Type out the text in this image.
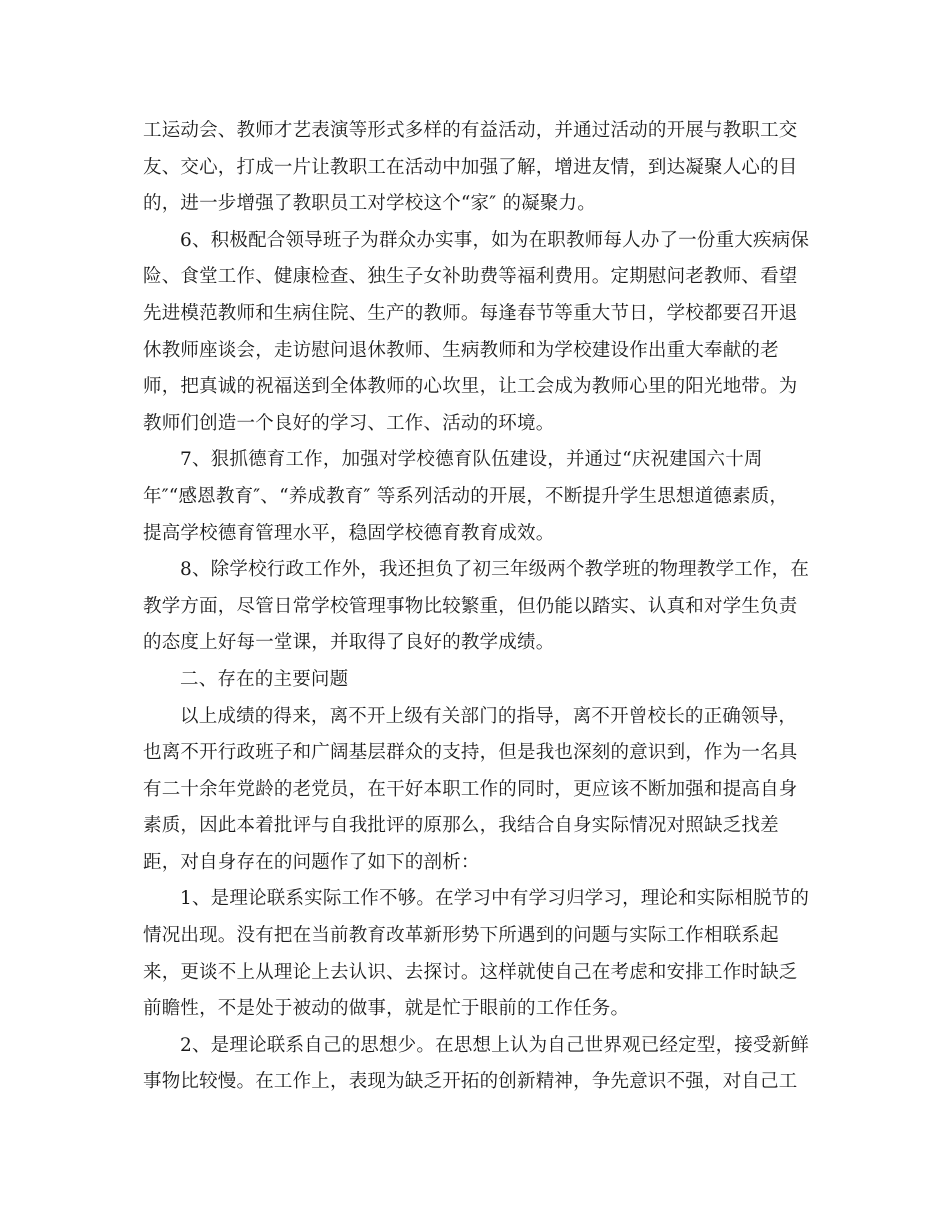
工运动会、教师才艺表演等形式多样的有益活动，并通过活动的开展与教职工交
友、交心，打成一片让教职工在活动中加强了解，增进友情，到达凝聚人心的目
的，进一步增强了教职员工对学校这个“家″ 的凝聚力。
6、积极配合领导班子为群众办实事，如为在职教师每人办了一份重大疾病保
险、食堂工作、健康检查、独生子女补助费等福利费用。定期慰问老教师、看望
先进模范教师和生病住院、生产的教师。每逢春节等重大节日，学校都要召开退
休教师座谈会，走访慰问退休教师、生病教师和为学校建设作出重大奉献的老
师，把真诚的祝福送到全体教师的心坎里，让工会成为教师心里的阳光地带。为
教师们创造一个良好的学习、工作、活动的环境。
7、狠抓德育工作，加强对学校德育队伍建设，并通过“庆祝建国六十周
年″“感恩教育″、“养成教育″ 等系列活动的开展，不断提升学生思想道德素质，
提高学校德育管理水平，稳固学校德育教育成效。
8、除学校行政工作外，我还担负了初三年级两个教学班的物理教学工作，在
教学方面，尽管日常学校管理事物比较繁重，但仍能以踏实、认真和对学生负责
的态度上好每一堂课，并取得了良好的教学成绩。
二、存在的主要问题
以上成绩的得来，离不开上级有关部门的指导，离不开曾校长的正确领导，
也离不开行政班子和广阔基层群众的支持，但是我也深刻的意识到，作为一名具
有二十余年党龄的老党员，在干好本职工作的同时，更应该不断加强和提高自身
素质，因此本着批评与自我批评的原那么，我结合自身实际情况对照缺乏找差
距，对自身存在的问题作了如下的剖析：
1、是理论联系实际工作不够。在学习中有学习归学习，理论和实际相脱节的
情况出现。没有把在当前教育改革新形势下所遇到的问题与实际工作相联系起
来，更谈不上从理论上去认识、去探讨。这样就使自己在考虑和安排工作时缺乏
前瞻性，不是处于被动的做事，就是忙于眼前的工作任务。
2、是理论联系自己的思想少。在思想上认为自己世界观已经定型，接受新鲜
事物比较慢。在工作上，表现为缺乏开拓的创新精神，争先意识不强，对自己工
